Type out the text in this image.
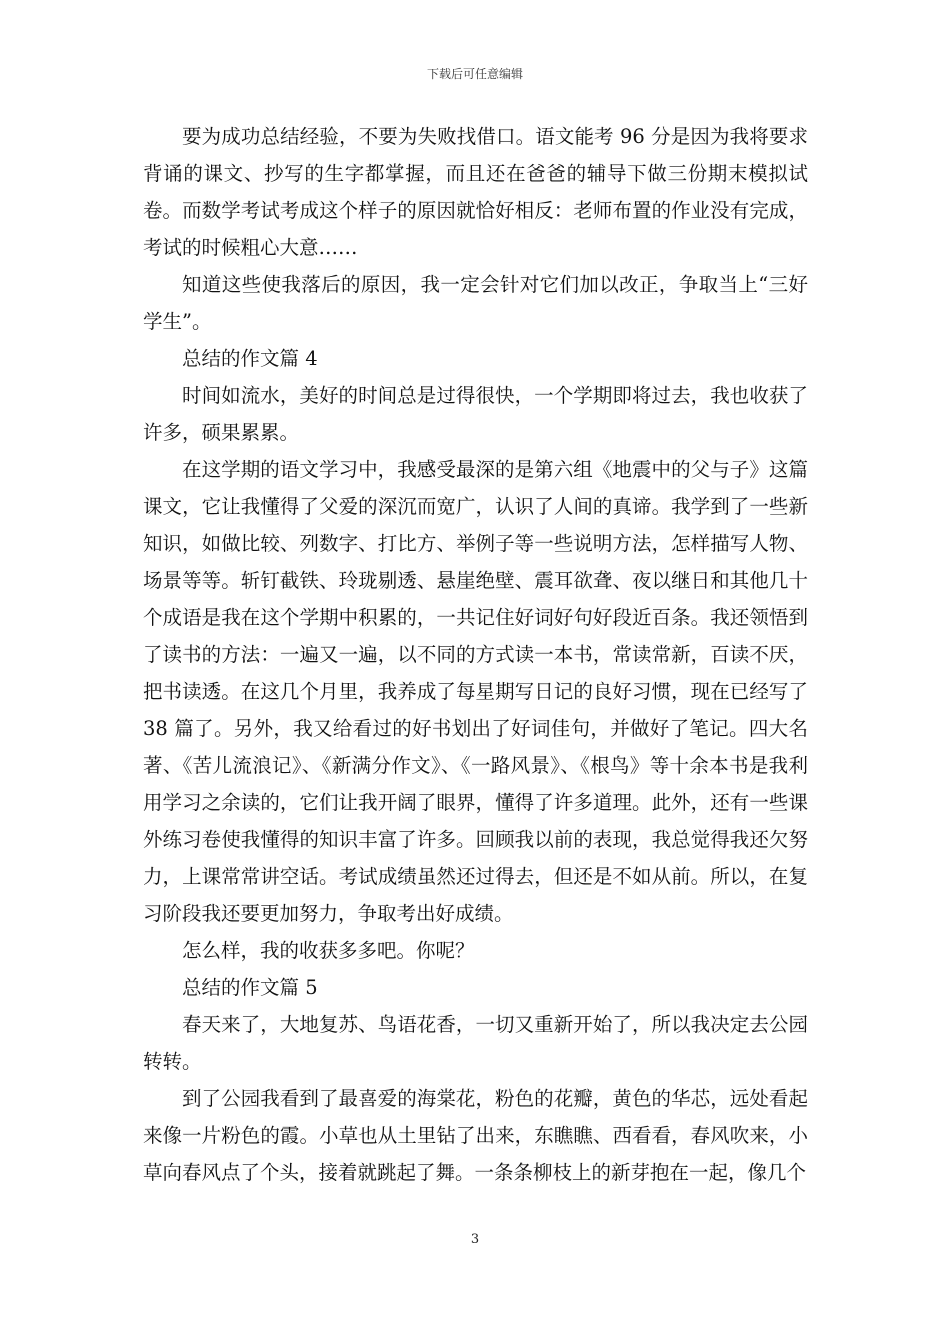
下载后可任意编辑

要为成功总结经验，不要为失败找借口。语文能考 96 分是因为我将要求背诵的课文、抄写的生字都掌握，而且还在爸爸的辅导下做三份期末模拟试卷。而数学考试考成这个样子的原因就恰好相反：老师布置的作业没有完成，考试的时候粗心大意……

知道这些使我落后的原因，我一定会针对它们加以改正，争取当上“三好学生”。

总结的作文篇 4

时间如流水，美好的时间总是过得很快，一个学期即将过去，我也收获了许多，硕果累累。

在这学期的语文学习中，我感受最深的是第六组《地震中的父与子》这篇课文，它让我懂得了父爱的深沉而宽广，认识了人间的真谛。我学到了一些新知识，如做比较、列数字、打比方、举例子等一些说明方法，怎样描写人物、场景等等。斩钉截铁、玲珑剔透、悬崖绝壁、震耳欲聋、夜以继日和其他几十个成语是我在这个学期中积累的，一共记住好词好句好段近百条。我还领悟到了读书的方法：一遍又一遍，以不同的方式读一本书，常读常新，百读不厌，把书读透。在这几个月里，我养成了每星期写日记的良好习惯，现在已经写了 38 篇了。另外，我又给看过的好书划出了好词佳句，并做好了笔记。四大名著、《苦儿流浪记》、《新满分作文》、《一路风景》、《根鸟》等十余本书是我利用学习之余读的，它们让我开阔了眼界，懂得了许多道理。此外，还有一些课外练习卷使我懂得的知识丰富了许多。回顾我以前的表现，我总觉得我还欠努力，上课常常讲空话。考试成绩虽然还过得去，但还是不如从前。所以，在复习阶段我还要更加努力，争取考出好成绩。

怎么样，我的收获多多吧。你呢？

总结的作文篇 5

春天来了，大地复苏、鸟语花香，一切又重新开始了，所以我决定去公园转转。

到了公园我看到了最喜爱的海棠花，粉色的花瓣，黄色的华芯，远处看起来像一片粉色的霞。小草也从土里钻了出来，东瞧瞧、西看看，春风吹来，小草向春风点了个头，接着就跳起了舞。一条条柳枝上的新芽抱在一起，像几个

3
